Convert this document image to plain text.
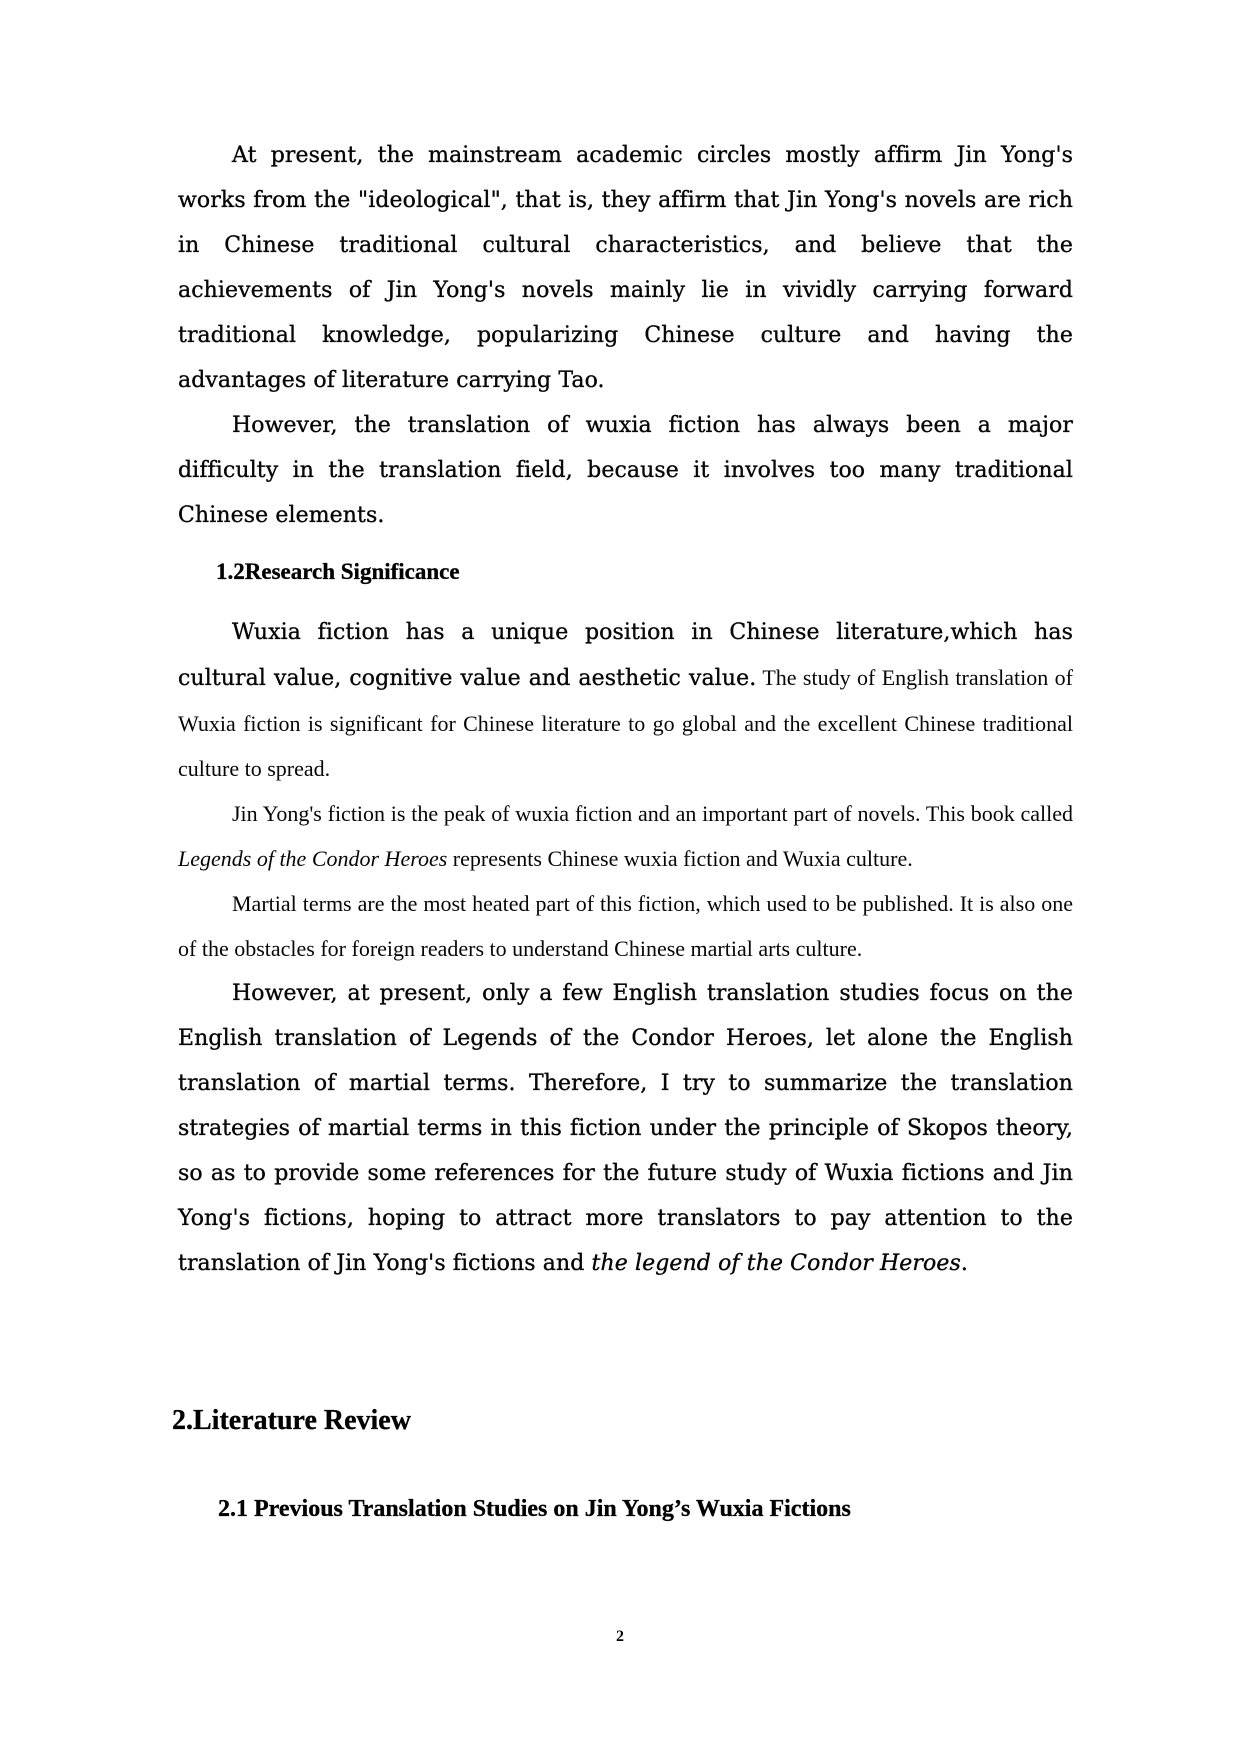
At present, the mainstream academic circles mostly affirm Jin Yong's works from the "ideological", that is, they affirm that Jin Yong's novels are rich in Chinese traditional cultural characteristics, and believe that the achievements of Jin Yong's novels mainly lie in vividly carrying forward traditional knowledge, popularizing Chinese culture and having the advantages of literature carrying Tao.

However, the translation of wuxia fiction has always been a major difficulty in the translation field, because it involves too many traditional Chinese elements.

1.2Research Significance

Wuxia fiction has a unique position in Chinese literature,which has cultural value, cognitive value and aesthetic value. The study of English translation of Wuxia fiction is significant for Chinese literature to go global and the excellent Chinese traditional culture to spread.

Jin Yong's fiction is the peak of wuxia fiction and an important part of novels. This book called Legends of the Condor Heroes represents Chinese wuxia fiction and Wuxia culture.

Martial terms are the most heated part of this fiction, which used to be published. It is also one of the obstacles for foreign readers to understand Chinese martial arts culture.

However, at present, only a few English translation studies focus on the English translation of Legends of the Condor Heroes, let alone the English translation of martial terms. Therefore, I try to summarize the translation strategies of martial terms in this fiction under the principle of Skopos theory, so as to provide some references for the future study of Wuxia fictions and Jin Yong's fictions, hoping to attract more translators to pay attention to the translation of Jin Yong's fictions and the legend of the Condor Heroes.

2.Literature Review
2.1 Previous Translation Studies on Jin Yong’s Wuxia Fictions
2
